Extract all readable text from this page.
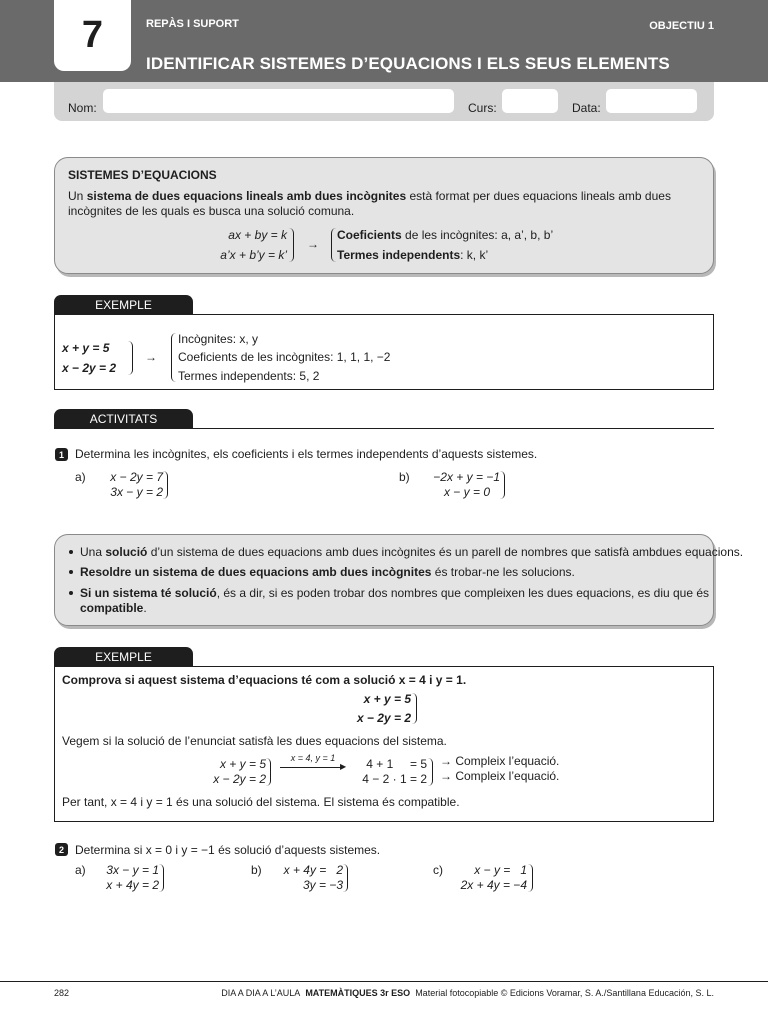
7	REPÀS I SUPORT	OBJECTIU 1
IDENTIFICAR SISTEMES D’EQUACIONS I ELS SEUS ELEMENTS
Nom:	Curs:	Data:
SISTEMES D’EQUACIONS
Un sistema de dues equacions lineals amb dues incògnites està format per dues equacions lineals amb dues
incògnites de les quals es busca una solució comuna.
ax + by = k
a’x + b’y = k’
→
Coeficients de les incògnites: a, a’, b, b’
Termes independents: k, k’
EXEMPLE
x + y = 5
x − 2y = 2
→
Incògnites: x, y
Coeficients de les incògnites: 1, 1, 1, −2
Termes independents: 5, 2
ACTIVITATS
1 Determina les incògnites, els coeficients i els termes independents d’aquests sistemes.
a)	x − 2y = 7
3x − y = 2
b)	−2x + y = −1
x − y = 0
Una solució d’un sistema de dues equacions amb dues incògnites és un parell de nombres que satisfà ambdues equacions.
Resoldre un sistema de dues equacions amb dues incògnites és trobar-ne les solucions.
Si un sistema té solució, és a dir, si es poden trobar dos nombres que compleixen les dues equacions, es diu que és
compatible.
EXEMPLE
Comprova si aquest sistema d’equacions té com a solució x = 4 i y = 1.
x + y = 5
x − 2y = 2
Vegem si la solució de l’enunciat satisfà les dues equacions del sistema.
x + y = 5
x − 2y = 2
x = 4, y = 1
▶	4 + 1     = 5
4 − 2 · 1 = 2
→ Compleix l’equació.
→ Compleix l’equació.
Per tant, x = 4 i y = 1 és una solució del sistema. El sistema és compatible.
2 Determina si x = 0 i y = −1 és solució d’aquests sistemes.
a)	3x − y = 1
x + 4y = 2
b)	x + 4y =   2
3y = −3
c)	x − y =   1
2x + 4y = −4
282	DIA A DIA A L’AULA MATEMÀTIQUES 3r ESO Material fotocopiable © Edicions Voramar, S. A./Santillana Educación, S. L.
